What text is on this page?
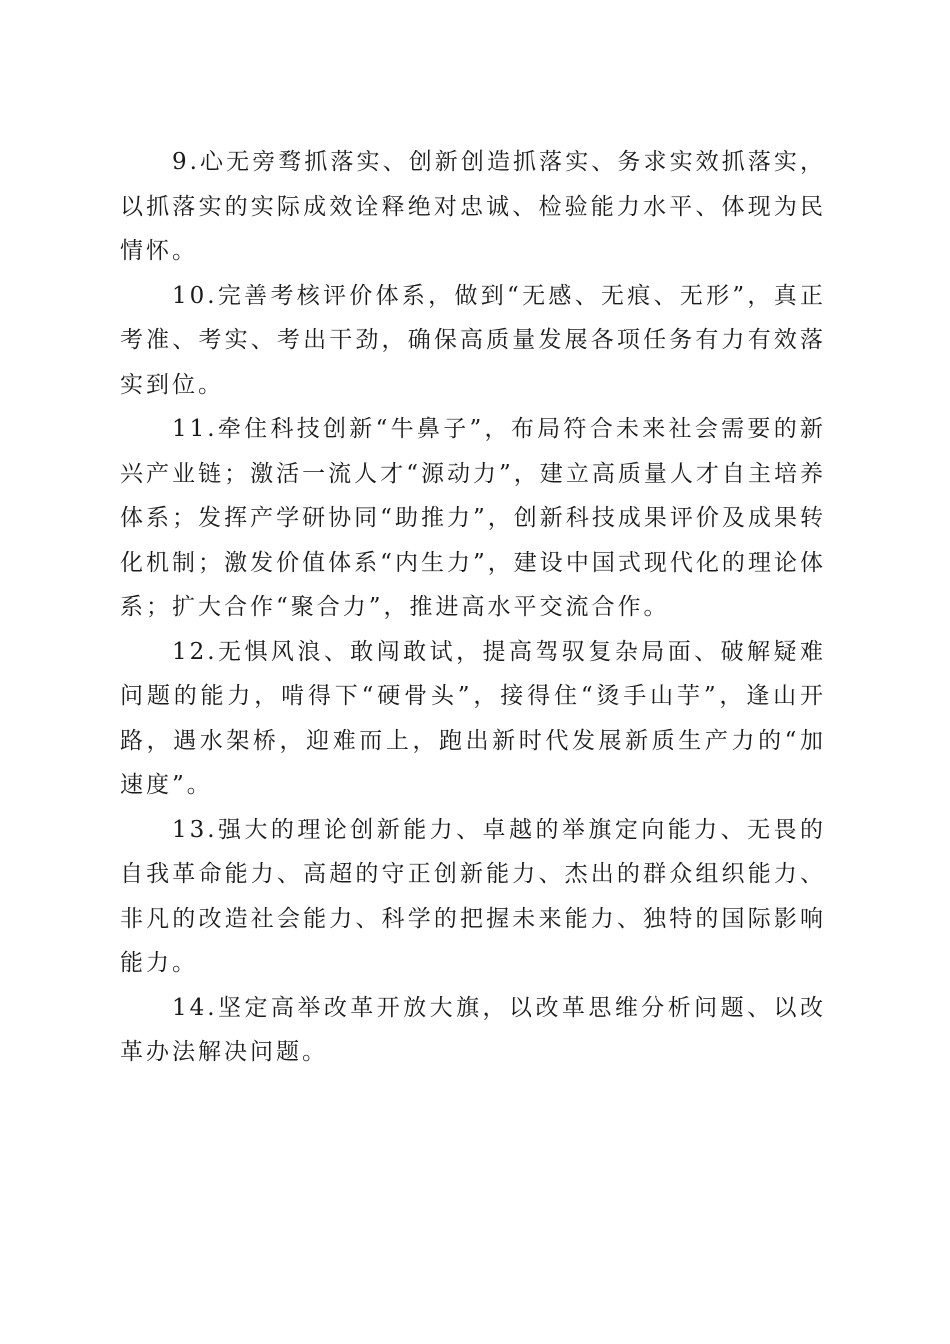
9.心无旁骛抓落实、创新创造抓落实、务求实效抓落实，以抓落实的实际成效诠释绝对忠诚、检验能力水平、体现为民情怀。

10.完善考核评价体系，做到“无感、无痕、无形”，真正考准、考实、考出干劲，确保高质量发展各项任务有力有效落实到位。

11.牵住科技创新“牛鼻子”，布局符合未来社会需要的新兴产业链；激活一流人才“源动力”，建立高质量人才自主培养体系；发挥产学研协同“助推力”，创新科技成果评价及成果转化机制；激发价值体系“内生力”，建设中国式现代化的理论体系；扩大合作“聚合力”，推进高水平交流合作。

12.无惧风浪、敢闯敢试，提高驾驭复杂局面、破解疑难问题的能力，啃得下“硬骨头”，接得住“烫手山芋”，逢山开路，遇水架桥，迎难而上，跑出新时代发展新质生产力的“加速度”。

13.强大的理论创新能力、卓越的举旗定向能力、无畏的自我革命能力、高超的守正创新能力、杰出的群众组织能力、非凡的改造社会能力、科学的把握未来能力、独特的国际影响能力。

14.坚定高举改革开放大旗，以改革思维分析问题、以改革办法解决问题。
